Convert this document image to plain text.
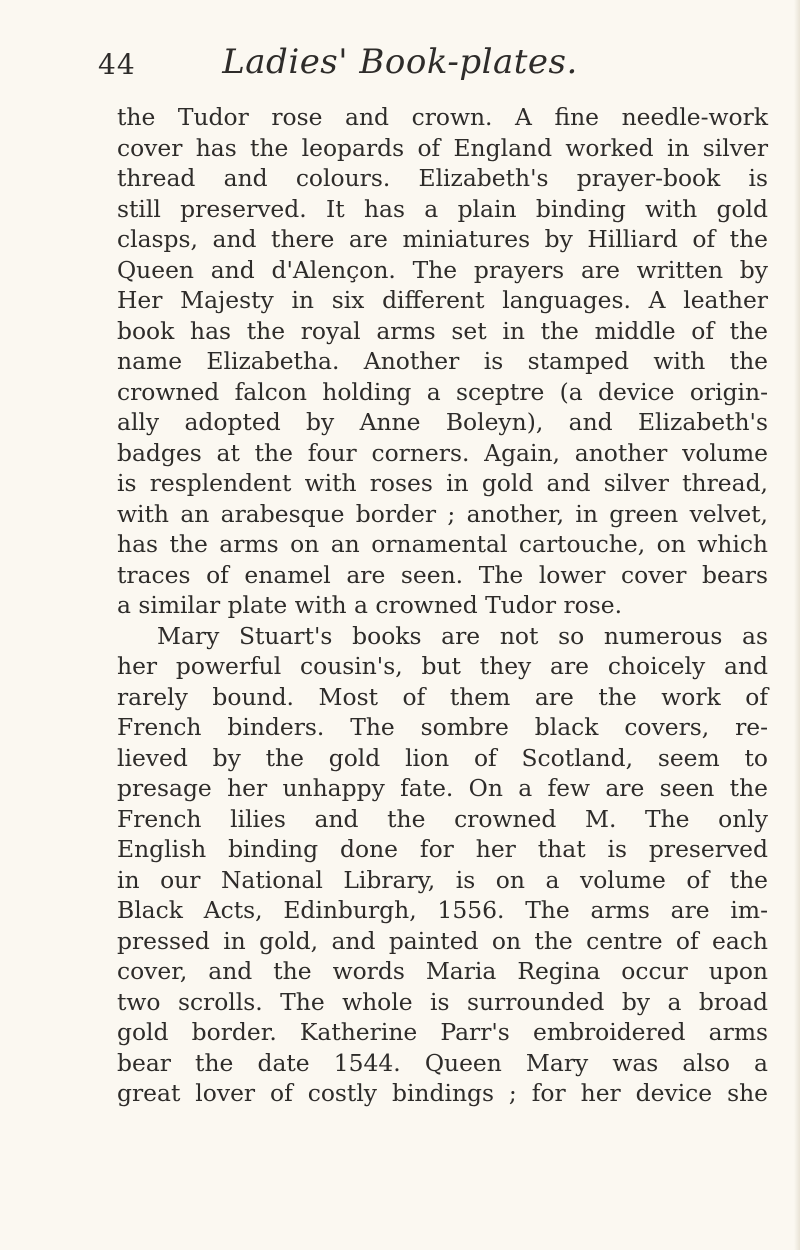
44	Ladies' Book-plates.
the Tudor rose and crown. A fine needle-work
cover has the leopards of England worked in silver
thread and colours. Elizabeth's prayer-book is
still preserved. It has a plain binding with gold
clasps, and there are miniatures by Hilliard of the
Queen and d'Alençon. The prayers are written by
Her Majesty in six different languages. A leather
book has the royal arms set in the middle of the
name Elizabetha. Another is stamped with the
crowned falcon holding a sceptre (a device origin-
ally adopted by Anne Boleyn), and Elizabeth's
badges at the four corners. Again, another volume
is resplendent with roses in gold and silver thread,
with an arabesque border ; another, in green velvet,
has the arms on an ornamental cartouche, on which
traces of enamel are seen. The lower cover bears
a similar plate with a crowned Tudor rose.
Mary Stuart's books are not so numerous as
her powerful cousin's, but they are choicely and
rarely bound. Most of them are the work of
French binders. The sombre black covers, re-
lieved by the gold lion of Scotland, seem to
presage her unhappy fate. On a few are seen the
French lilies and the crowned M. The only
English binding done for her that is preserved
in our National Library, is on a volume of the
Black Acts, Edinburgh, 1556. The arms are im-
pressed in gold, and painted on the centre of each
cover, and the words Maria Regina occur upon
two scrolls. The whole is surrounded by a broad
gold border. Katherine Parr's embroidered arms
bear the date 1544. Queen Mary was also a
great lover of costly bindings ; for her device she
